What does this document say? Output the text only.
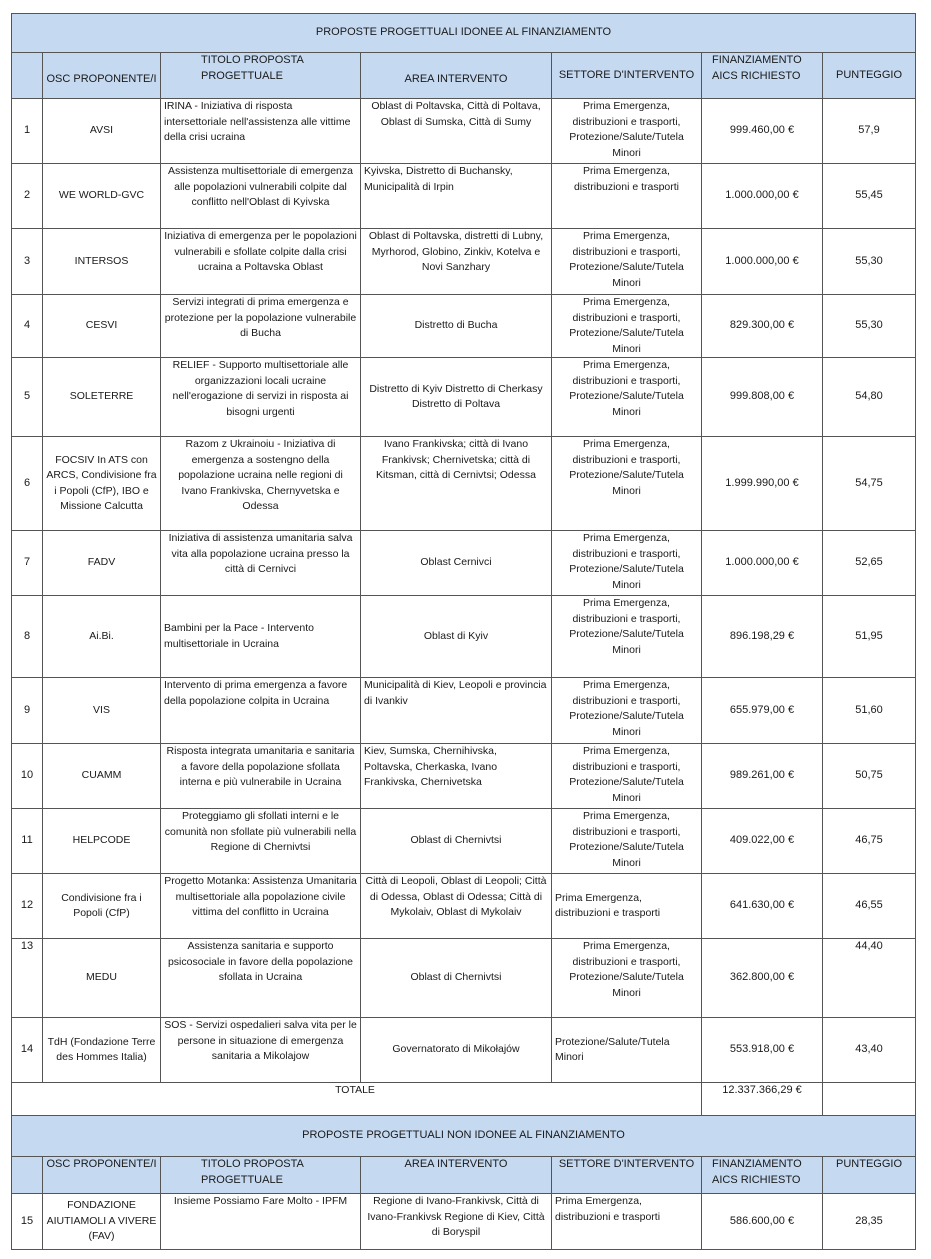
PROPOSTE PROGETTUALI IDONEE AL FINANZIAMENTO						
	OSC PROPONENTE/I	TITOLO PROPOSTA PROGETTUALE	AREA INTERVENTO	SETTORE D'INTERVENTO	FINANZIAMENTO AICS RICHIESTO	PUNTEGGIO
1	AVSI	IRINA - Iniziativa di risposta intersettoriale nell'assistenza alle vittime della crisi ucraina	Oblast di Poltavska, Città di Poltava, Oblast di Sumska, Città di Sumy	Prima Emergenza, distribuzioni e trasporti, Protezione/Salute/Tutela Minori	999.460,00 €	57,9
2	WE WORLD-GVC	Assistenza multisettoriale di emergenza alle popolazioni vulnerabili colpite dal conflitto nell'Oblast di Kyivska	Kyivska, Distretto di Buchansky, Municipalità di Irpin	Prima Emergenza, distribuzioni e trasporti	1.000.000,00 €	55,45
3	INTERSOS	Iniziativa di emergenza per le popolazioni vulnerabili e sfollate colpite dalla crisi ucraina a Poltavska Oblast	Oblast di Poltavska, distretti di Lubny, Myrhorod, Globino, Zinkiv, Kotelva e Novi Sanzhary	Prima Emergenza, distribuzioni e trasporti, Protezione/Salute/Tutela Minori	1.000.000,00 €	55,30
4	CESVI	Servizi integrati di prima emergenza e protezione per la popolazione vulnerabile di Bucha	Distretto di Bucha	Prima Emergenza, distribuzioni e trasporti, Protezione/Salute/Tutela Minori	829.300,00 €	55,30
5	SOLETERRE	RELIEF - Supporto multisettoriale alle organizzazioni locali ucraine nell'erogazione di servizi in risposta ai bisogni urgenti	Distretto di Kyiv Distretto di Cherkasy Distretto di Poltava	Prima Emergenza, distribuzioni e trasporti, Protezione/Salute/Tutela Minori	999.808,00 €	54,80
6	FOCSIV In ATS con ARCS, Condivisione fra i Popoli (CfP), IBO e Missione Calcutta	Razom z Ukrainoiu - Iniziativa di emergenza a sostengno della popolazione ucraina nelle regioni di Ivano Frankivska, Chernyvetska e Odessa	Ivano Frankivska; città di Ivano Frankivsk; Chernivetska; città di Kitsman, città di Cernivtsi; Odessa	Prima Emergenza, distribuzioni e trasporti, Protezione/Salute/Tutela Minori	1.999.990,00 €	54,75
7	FADV	Iniziativa di assistenza umanitaria salva vita alla popolazione ucraina presso la città di Cernivci	Oblast Cernivci	Prima Emergenza, distribuzioni e trasporti, Protezione/Salute/Tutela Minori	1.000.000,00 €	52,65
8	Ai.Bi.	Bambini per la Pace - Intervento multisettoriale in Ucraina	Oblast di Kyiv	Prima Emergenza, distribuzioni e trasporti, Protezione/Salute/Tutela Minori	896.198,29 €	51,95
9	VIS	Intervento di prima emergenza a favore della popolazione colpita in Ucraina	Municipalità di Kiev, Leopoli e provincia di Ivankiv	Prima Emergenza, distribuzioni e trasporti, Protezione/Salute/Tutela Minori	655.979,00 €	51,60
10	CUAMM	Risposta integrata umanitaria e sanitaria a favore della popolazione sfollata interna e più vulnerabile in Ucraina	Kiev, Sumska, Chernihivska, Poltavska, Cherkaska, Ivano Frankivska, Chernivetska	Prima Emergenza, distribuzioni e trasporti, Protezione/Salute/Tutela Minori	989.261,00 €	50,75
11	HELPCODE	Proteggiamo gli sfollati interni e le comunità non sfollate più vulnerabili nella Regione di Chernivtsi	Oblast di Chernivtsi	Prima Emergenza, distribuzioni e trasporti, Protezione/Salute/Tutela Minori	409.022,00 €	46,75
12	Condivisione fra i Popoli (CfP)	Progetto Motanka: Assistenza Umanitaria multisettoriale alla popolazione civile vittima del conflitto in Ucraina	Città di Leopoli, Oblast di Leopoli; Città di Odessa, Oblast di Odessa; Città di Mykolaiv, Oblast di Mykolaiv	Prima Emergenza, distribuzioni e trasporti	641.630,00 €	46,55
13	MEDU	Assistenza sanitaria e supporto psicosociale in favore della popolazione sfollata in Ucraina	Oblast di Chernivtsi	Prima Emergenza, distribuzioni e trasporti, Protezione/Salute/Tutela Minori	362.800,00 €	44,40
14	TdH (Fondazione Terre des Hommes Italia)	SOS - Servizi ospedalieri salva vita per le persone in situazione di emergenza sanitaria a Mikolajow	Governatorato di Mikołajów	Protezione/Salute/Tutela Minori	553.918,00 €	43,40
TOTALE					12.337.366,29 €	
PROPOSTE PROGETTUALI NON IDONEE AL FINANZIAMENTO						
	OSC PROPONENTE/I	TITOLO PROPOSTA PROGETTUALE	AREA INTERVENTO	SETTORE D'INTERVENTO	FINANZIAMENTO AICS RICHIESTO	PUNTEGGIO
15	FONDAZIONE AIUTIAMOLI A VIVERE (FAV)	Insieme Possiamo Fare Molto - IPFM	Regione di Ivano-Frankivsk, Città di Ivano-Frankivsk Regione di Kiev, Città di Boryspil	Prima Emergenza, distribuzioni e trasporti	586.600,00 €	28,35
